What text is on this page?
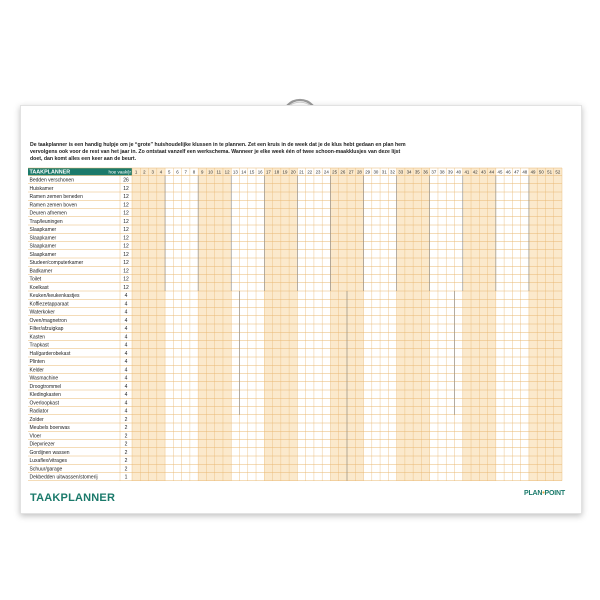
De taakplanner is een handig hulpje om je “grote” huishoudelijke klussen in te plannen. Zet een kruis in de week dat je de klus hebt gedaan en plan hem vervolgens ook voor de rest van het jaar in. Zo ontstaat vanzelf een werkschema. Wanneer je elke week één of twee schoon-maakklusjes van deze lijst doet, dan komt alles een keer aan de beurt.

TAAKPLANNER	hoe vaak/jr 1 2 3 4 5 6 7 8 9 10 11 12 13 14 15 16 17 18 19 20 21 22 23 24 25 26 27 28 29 30 31 32 33 34 35 36 37 38 39 40 41 42 43 44 45 46 47 48 49 50 51 52
Bedden verschonen	26
Huiskamer	12
Ramen zemen beneden	12
Ramen zemen boven	12
Deuren afnemen	12
Trap/leuningen	12
Slaapkamer	12
Slaapkamer	12
Slaapkamer	12
Slaapkamer	12
Studeer/computerkamer	12
Badkamer	12
Toilet	12
Koelkast	12
Keuken/keukenkastjes	4
Koffiezetapparaat	4
Waterkoker	4
Oven/magnetron	4
Filter/afzuigkap	4
Kasten	4
Trapkast	4
Hal/garderobekast	4
Plinten	4
Kelder	4
Wasmachine	4
Droogtrommel	4
Kledingkasten	4
Overloopkast	4
Radiator	4
Zolder	2
Meubels boenwas	2
Vloer	2
Diepvriezer	2
Gordijnen wassen	2
Luxaflex/vitrages	2
Schuur/garage	2
Dekbedden uitwassen/stomerij	1
TAAKPLANNER	PLAN•POINT
